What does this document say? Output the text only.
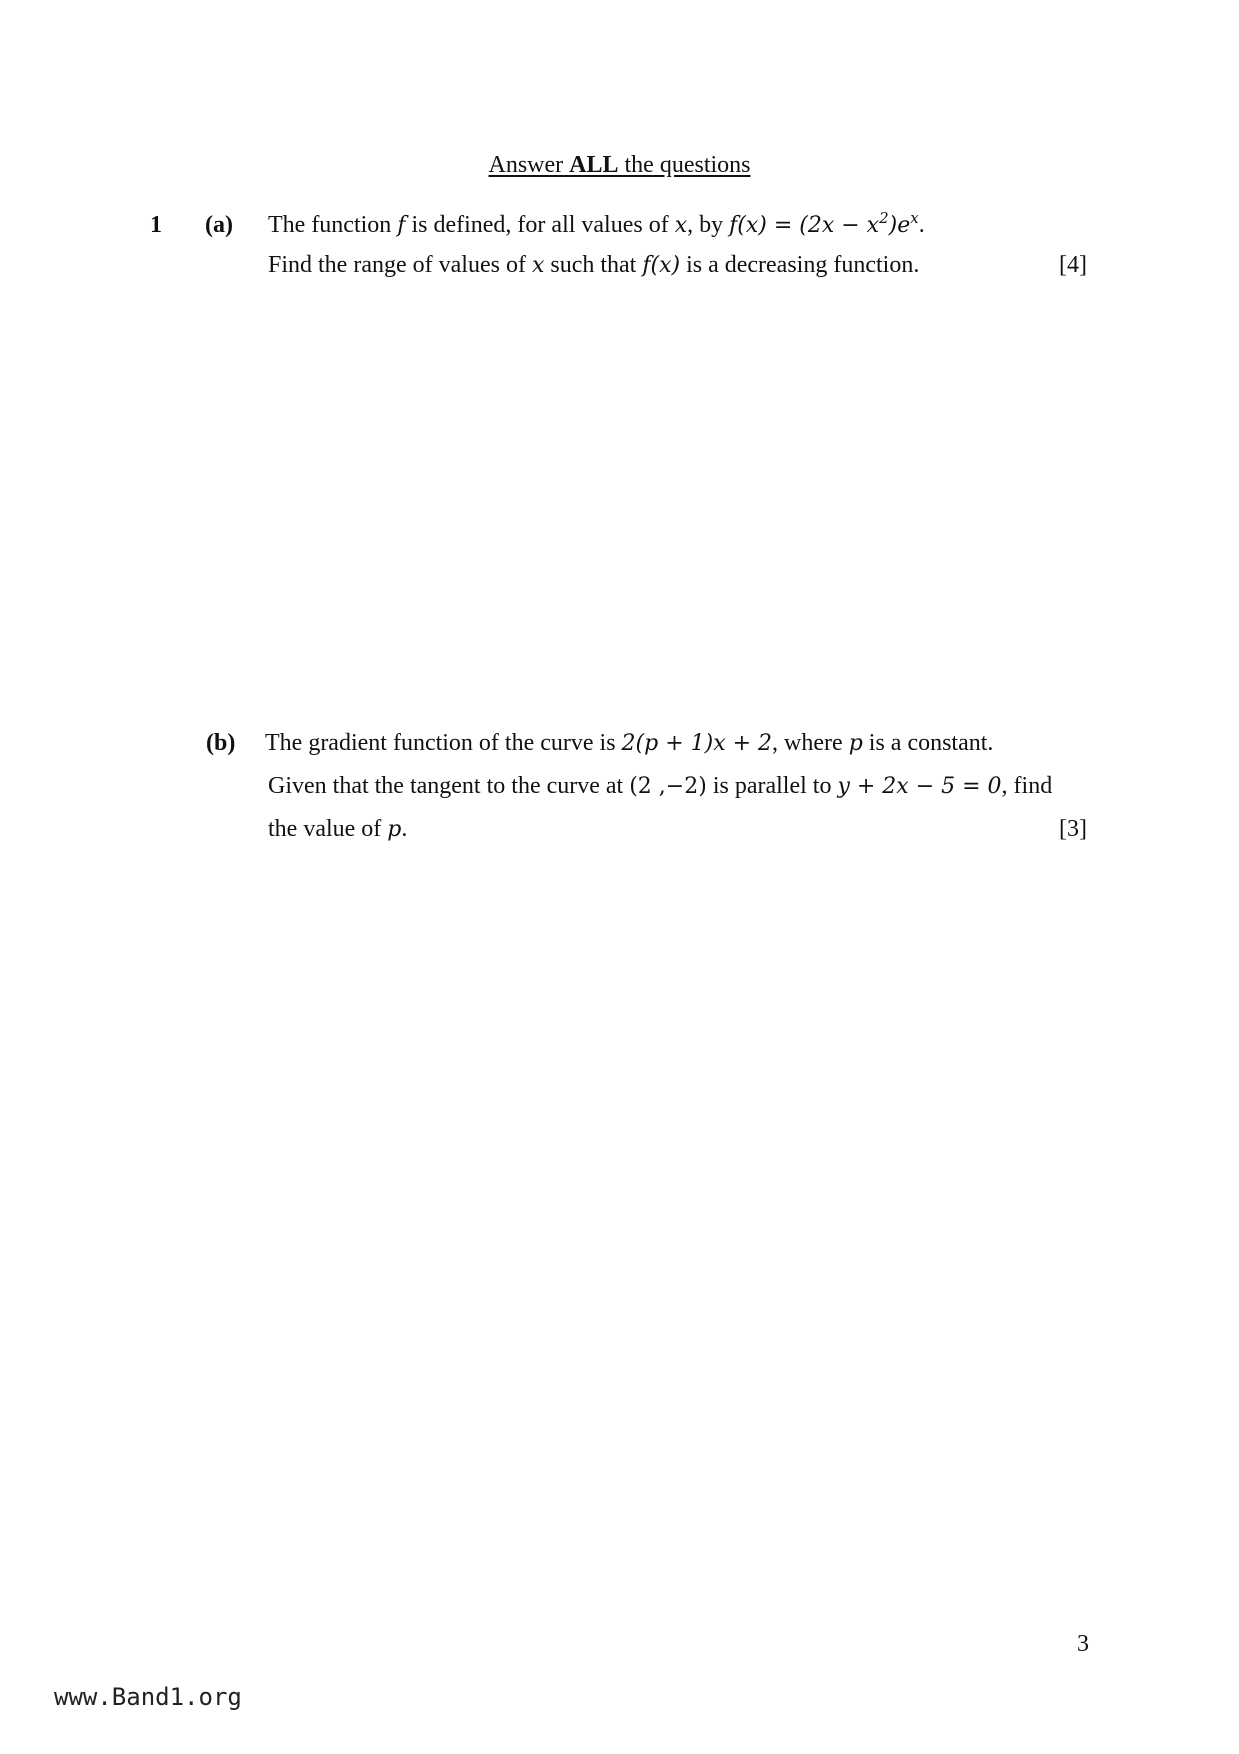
Answer ALL the questions
1 (a) The function f is defined, for all values of x, by $f(x) = (2x - x^2)e^x$.
Find the range of values of x such that f(x) is a decreasing function.	[4]
(b) The gradient function of the curve is 2(p + 1)x + 2, where p is a constant.
Given that the tangent to the curve at (2 ,−2) is parallel to y + 2x − 5 = 0, find
the value of p.	[3]
3
www.Band1.org
